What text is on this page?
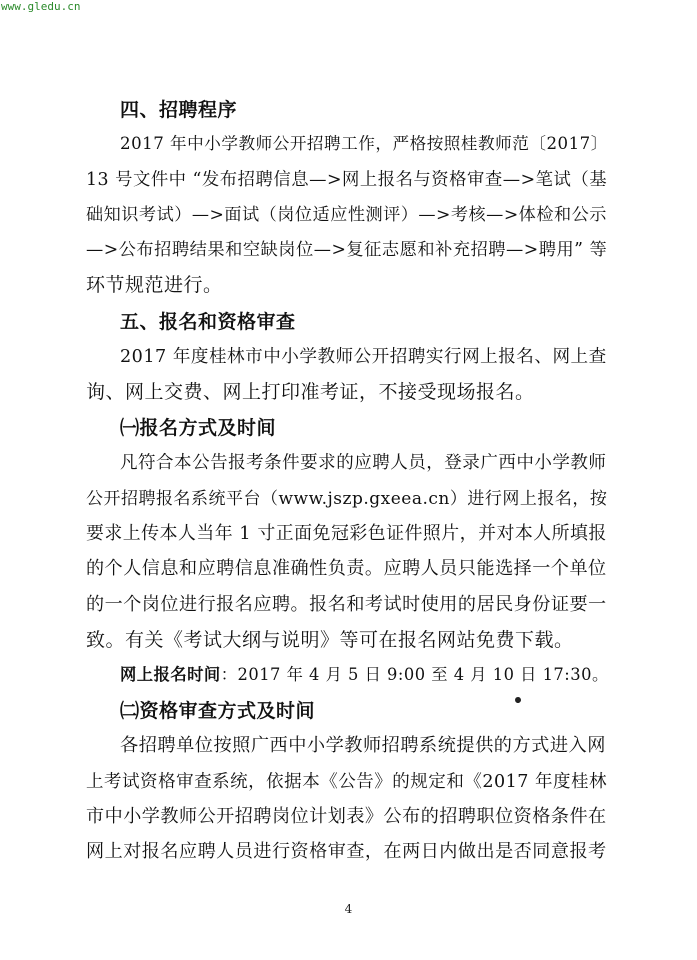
www.gledu.cn
四、招聘程序
2017 年中小学教师公开招聘工作，严格按照桂教师范〔2017〕
13 号文件中 “发布招聘信息—>网上报名与资格审查—>笔试（基
础知识考试）—>面试（岗位适应性测评）—>考核—>体检和公示
—>公布招聘结果和空缺岗位—>复征志愿和补充招聘—>聘用” 等
环节规范进行。
五、报名和资格审查
2017 年度桂林市中小学教师公开招聘实行网上报名、网上查
询、网上交费、网上打印准考证，不接受现场报名。
㈠报名方式及时间
凡符合本公告报考条件要求的应聘人员，登录广西中小学教师
公开招聘报名系统平台（www.jszp.gxeea.cn）进行网上报名，按
要求上传本人当年 1 寸正面免冠彩色证件照片，并对本人所填报
的个人信息和应聘信息准确性负责。应聘人员只能选择一个单位
的一个岗位进行报名应聘。报名和考试时使用的居民身份证要一
致。有关《考试大纲与说明》等可在报名网站免费下载。
网上报名时间：2017 年 4 月 5 日 9:00 至 4 月 10 日 17:30。
㈡资格审查方式及时间
各招聘单位按照广西中小学教师招聘系统提供的方式进入网
上考试资格审查系统，依据本《公告》的规定和《2017 年度桂林
市中小学教师公开招聘岗位计划表》公布的招聘职位资格条件在
网上对报名应聘人员进行资格审查，在两日内做出是否同意报考
4
